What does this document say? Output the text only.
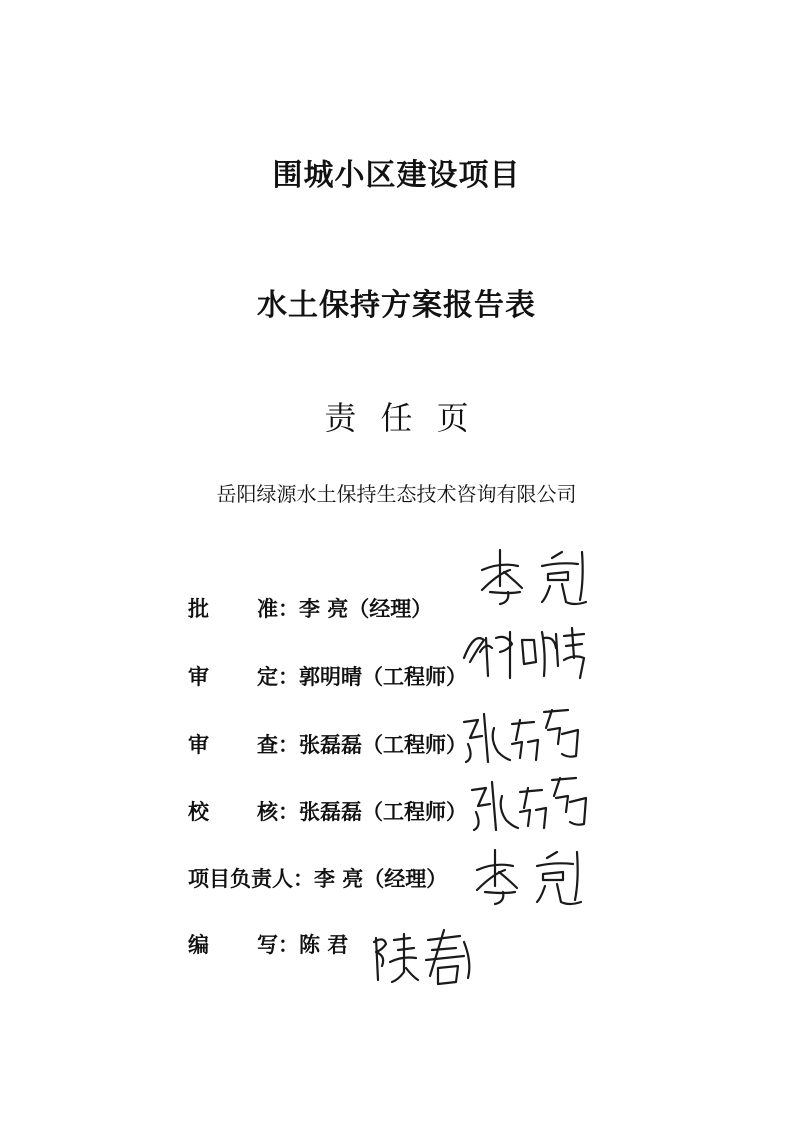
围城小区建设项目
水土保持方案报告表
责 任 页
岳阳绿源水土保持生态技术咨询有限公司
批准：李 亮（经理）
审定：郭明晴（工程师）
审查：张磊磊（工程师）
校核：张磊磊（工程师）
项目负责人：李 亮（经理）
编写：陈 君
